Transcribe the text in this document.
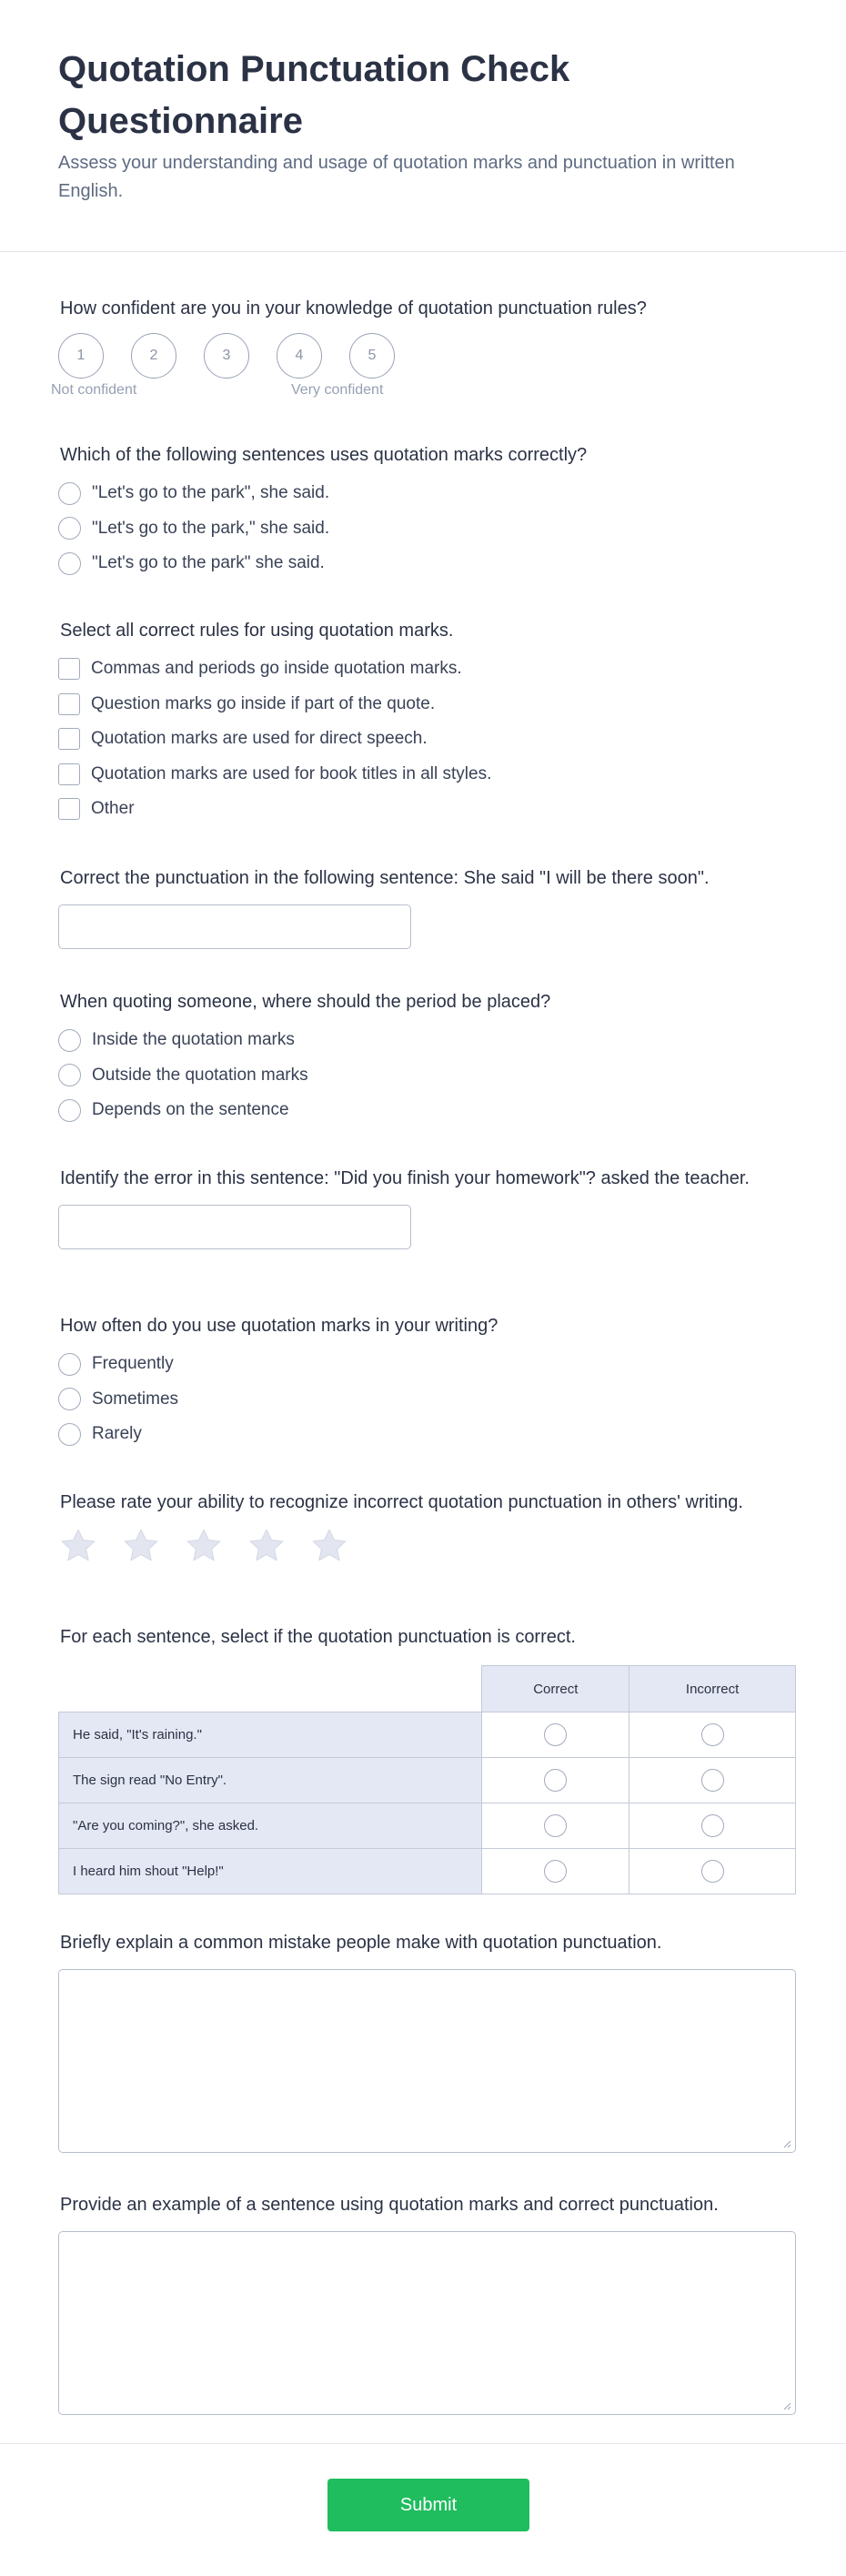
Quotation Punctuation Check Questionnaire

Assess your understanding and usage of quotation marks and punctuation in written English.

How confident are you in your knowledge of quotation punctuation rules?
1	2	3	4	5
Not confident	Very confident
Which of the following sentences uses quotation marks correctly?
"Let's go to the park", she said.
"Let's go to the park," she said.
"Let's go to the park" she said.
Select all correct rules for using quotation marks.
Commas and periods go inside quotation marks.
Question marks go inside if part of the quote.
Quotation marks are used for direct speech.
Quotation marks are used for book titles in all styles.
Other
Correct the punctuation in the following sentence: She said "I will be there soon".
When quoting someone, where should the period be placed?
Inside the quotation marks
Outside the quotation marks
Depends on the sentence
Identify the error in this sentence: "Did you finish your homework"? asked the teacher.
How often do you use quotation marks in your writing?
Frequently
Sometimes
Rarely
Please rate your ability to recognize incorrect quotation punctuation in others' writing.
For each sentence, select if the quotation punctuation is correct.
	Correct	Incorrect
He said, "It's raining."		
The sign read "No Entry".		
"Are you coming?", she asked.		
I heard him shout "Help!"		
Briefly explain a common mistake people make with quotation punctuation.
Provide an example of a sentence using quotation marks and correct punctuation.
Submit
